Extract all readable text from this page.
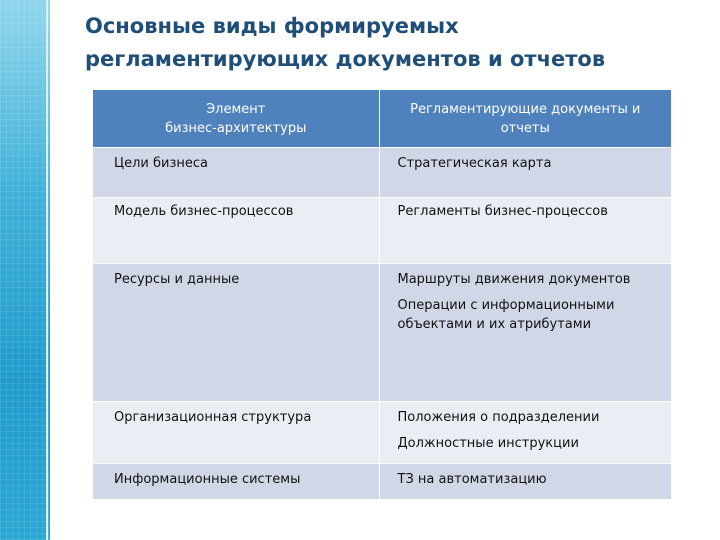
Основные виды формируемых
регламентирующих документов и отчетов
Элемент
бизнес-архитектуры	Регламентирующие документы и
отчеты

Цели бизнеса	Стратегическая карта

Модель бизнес-процессов	Регламенты бизнес-процессов

Ресурсы и данные	Маршруты движения документов
Операции с информационными объектами и их атрибутами

Организационная структура	Положения о подразделении
Должностные инструкции

Информационные системы	ТЗ на автоматизацию
